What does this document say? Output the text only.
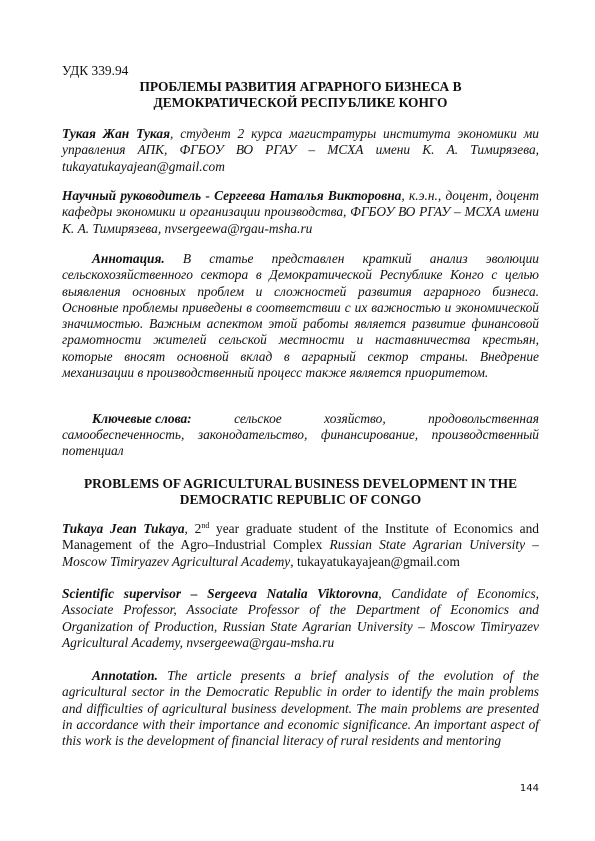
УДК 339.94
ПРОБЛЕМЫ РАЗВИТИЯ АГРАРНОГО БИЗНЕСА В
ДЕМОКРАТИЧЕСКОЙ РЕСПУБЛИКЕ КОНГО

Тукая Жан Тукая, студент 2 курса магистратуры института экономики ми управления АПК, ФГБОУ ВО РГАУ – МСХА имени К. А. Тимирязева, tukayatukayajean@gmail.com

Научный руководитель - Сергеева Наталья Викторовна, к.э.н., доцент, доцент кафедры экономики и организации производства, ФГБОУ ВО РГАУ – МСХА имени К. А. Тимирязева, nvsergeewa@rgau-msha.ru

Аннотация. В статье представлен краткий анализ эволюции сельскохозяйственного сектора в Демократической Республике Конго с целью выявления основных проблем и сложностей развития аграрного бизнеса. Основные проблемы приведены в соответствии с их важностью и экономической значимостью. Важным аспектом этой работы является развитие финансовой грамотности жителей сельской местности и наставничества крестьян, которые вносят основной вклад в аграрный сектор страны. Внедрение механизации в производственный процесс также является приоритетом.

Ключевые слова:	сельское	хозяйство,	продовольственная

самообеспеченность, законодательство, финансирование, производственный потенциал

PROBLEMS OF AGRICULTURAL BUSINESS DEVELOPMENT IN THE
DEMOCRATIC REPUBLIC OF CONGO

Tukaya Jean Tukaya, 2nd year graduate student of the Institute of Economics and Management of the Agro–Industrial Complex Russian State Agrarian University – Moscow Timiryazev Agricultural Academy, tukayatukayajean@gmail.com

Scientific supervisor – Sergeeva Natalia Viktorovna, Candidate of Economics, Associate Professor, Associate Professor of the Department of Economics and Organization of Production, Russian State Agrarian University – Moscow Timiryazev Agricultural Academy, nvsergeewa@rgau-msha.ru

Annotation. The article presents a brief analysis of the evolution of the agricultural sector in the Democratic Republic in order to identify the main problems and difficulties of agricultural business development. The main problems are presented in accordance with their importance and economic significance. An important aspect of this work is the development of financial literacy of rural residents and mentoring

144
